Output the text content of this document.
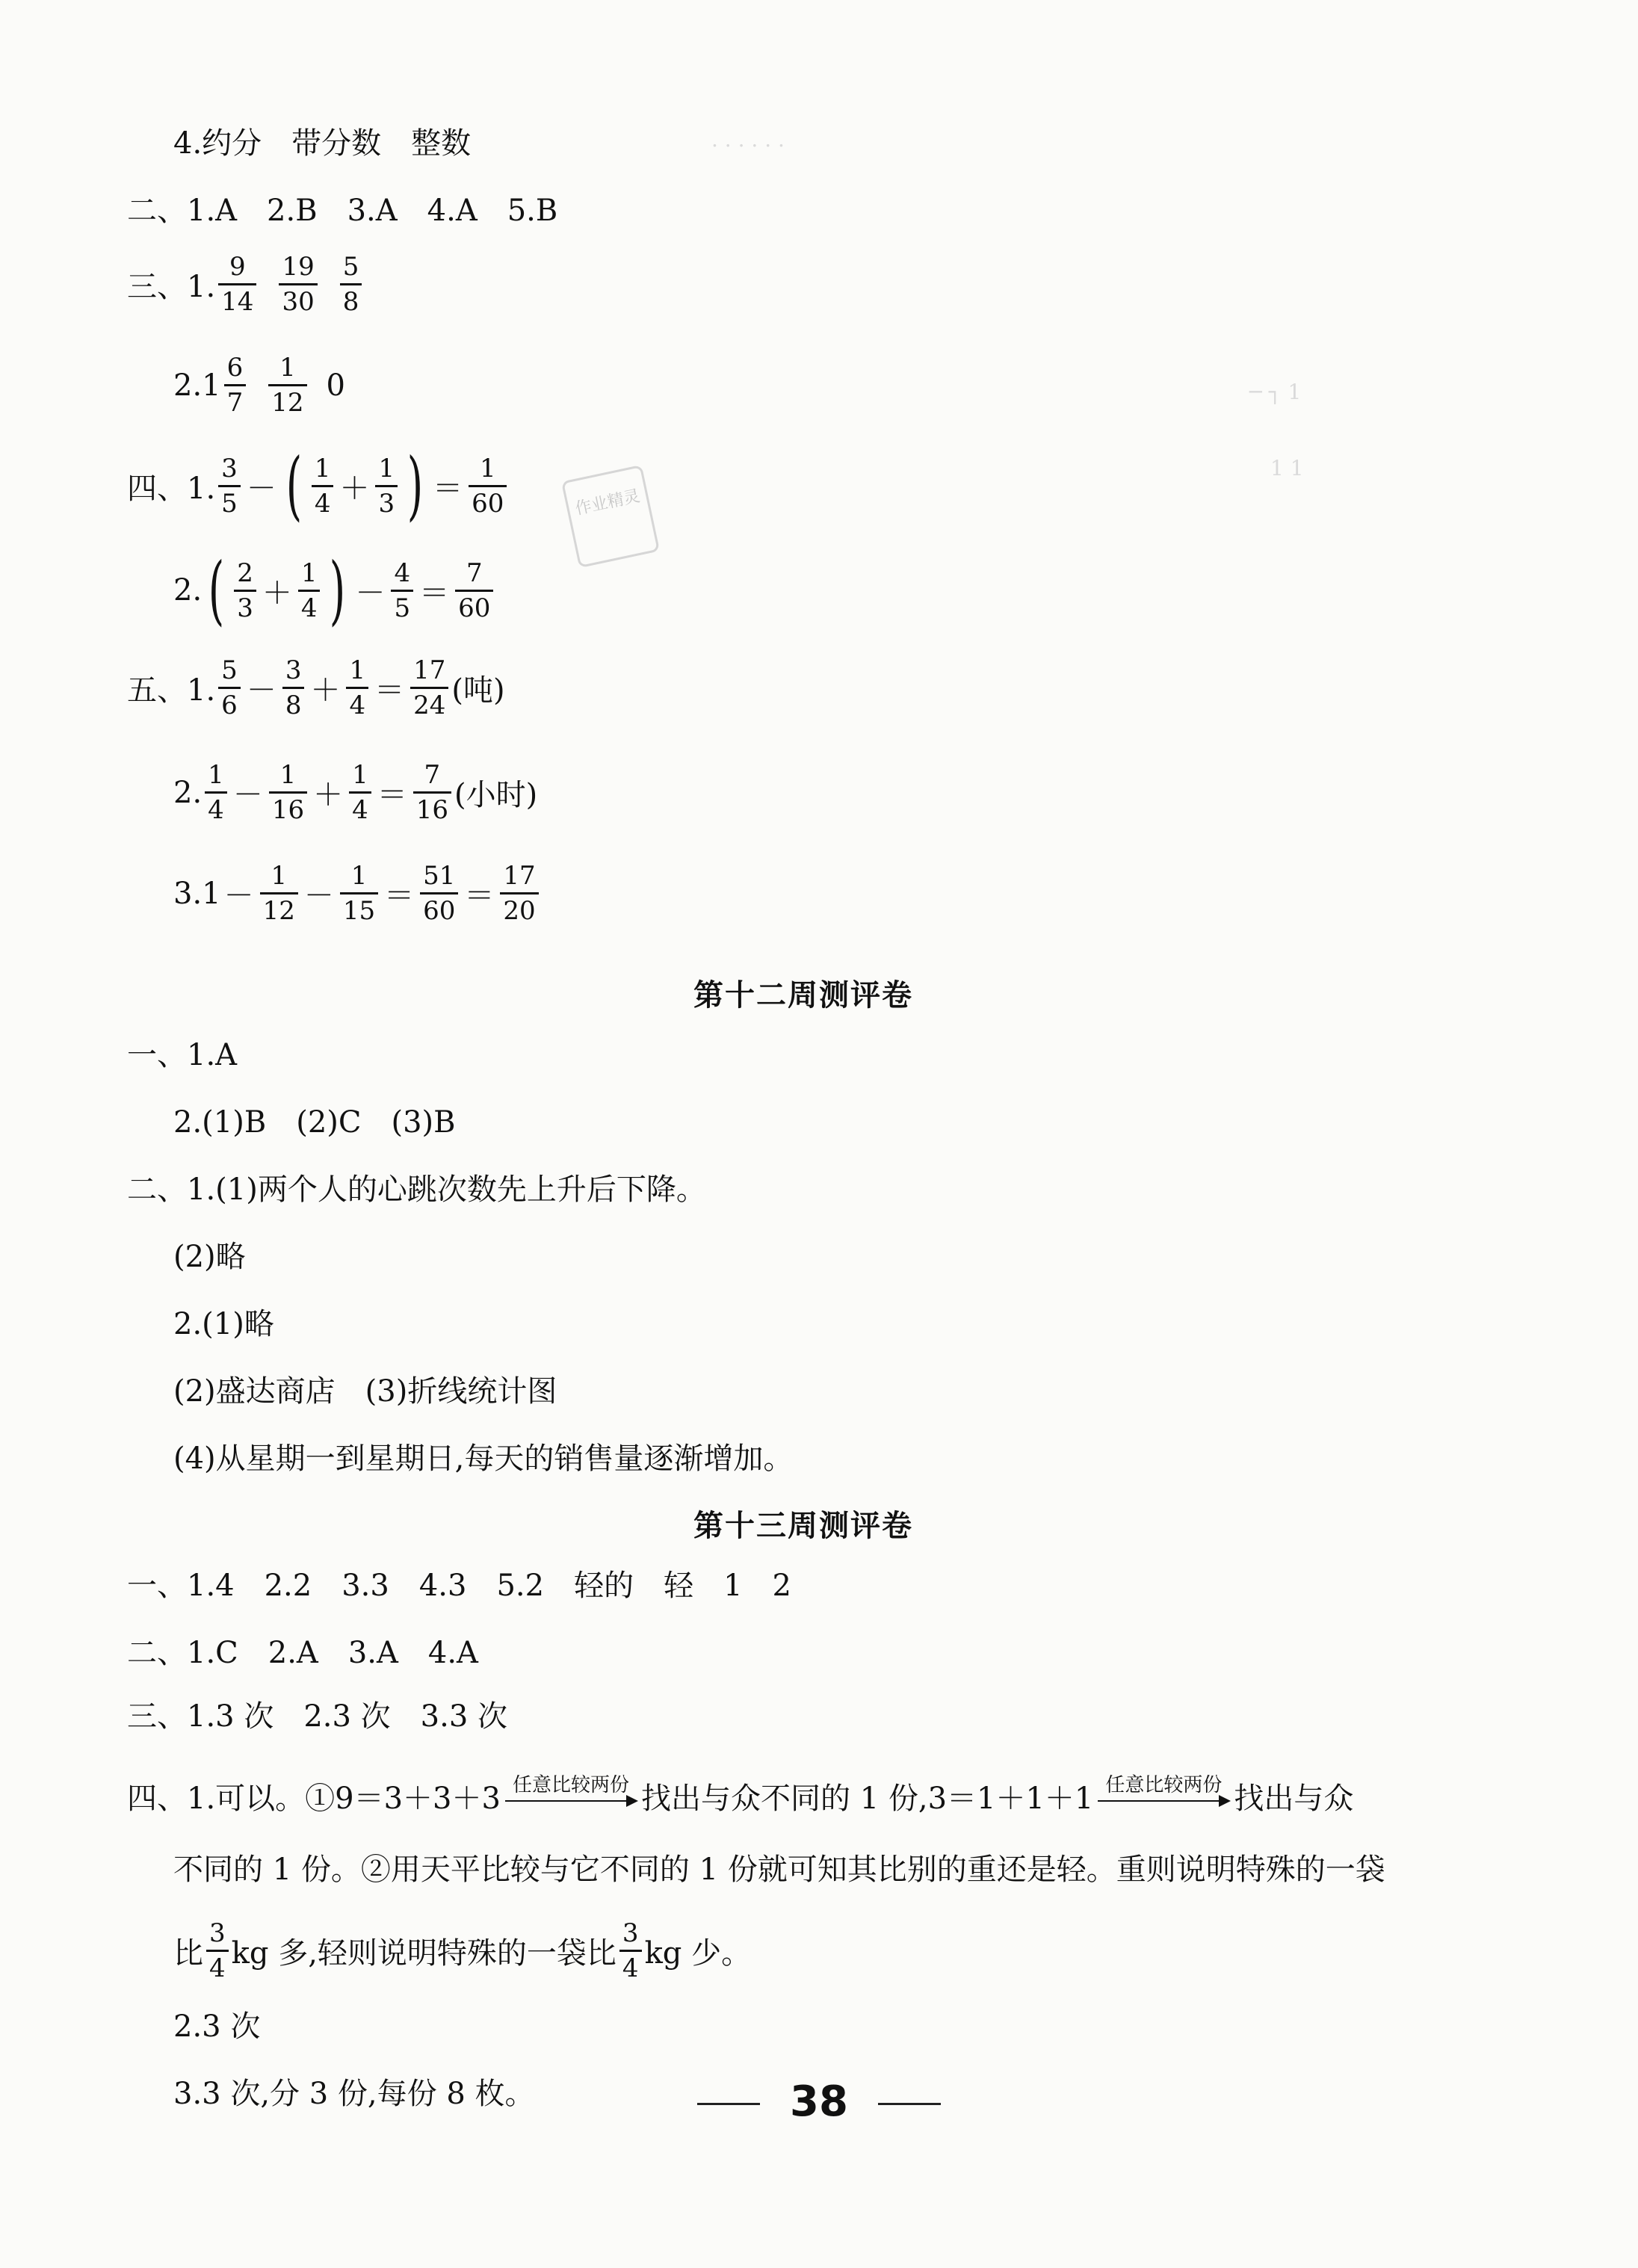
作业精灵
─ ┐ 1
1 1
. . . . . .
4.约分　带分数　整数
二、1.A　2.B　3.A　4.A　5.B
三、1. $\frac{9}{14} \frac{19}{30} \frac{5}{8}$
$2.1 \frac{6}{7} \frac{1}{12} 0$
四、1. $\frac{3}{5}$ － ( $\frac{1}{4} + \frac{1}{3}$ ) ＝ $\frac{1}{60}$
2. ( $\frac{2}{3} + \frac{1}{4}$ ) － $\frac{4}{5} = \frac{7}{60}$
五、1. $\frac{5}{6} - \frac{3}{8} + \frac{1}{4} = \frac{17}{24}$ (吨)
2. $\frac{1}{4} - \frac{1}{16} + \frac{1}{4} = \frac{7}{16}$ (小时)
$3.1 - \frac{1}{12} - \frac{1}{15} = \frac{51}{60} = \frac{17}{20}$
第十二周测评卷
一、1.A
2.(1)B　(2)C　(3)B
二、1.(1)两个人的心跳次数先上升后下降。
(2)略
2.(1)略
(2)盛达商店　(3)折线统计图
(4)从星期一到星期日,每天的销售量逐渐增加。
第十三周测评卷
一、1.4　2.2　3.3　4.3　5.2　轻的　轻　1　2
二、1.C　2.A　3.A　4.A
三、1.3 次　2.3 次　3.3 次
四、1.可以。①9＝3＋3＋3 任意比较两份 找出与众不同的 1 份,3＝1＋1＋1 任意比较两份 找出与众
不同的 1 份。②用天平比较与它不同的 1 份就可知其比别的重还是轻。重则说明特殊的一袋
比 $\frac{3}{4}$ kg 多,轻则说明特殊的一袋比 $\frac{3}{4}$ kg 少。
2.3 次
3.3 次,分 3 份,每份 8 枚。	38
